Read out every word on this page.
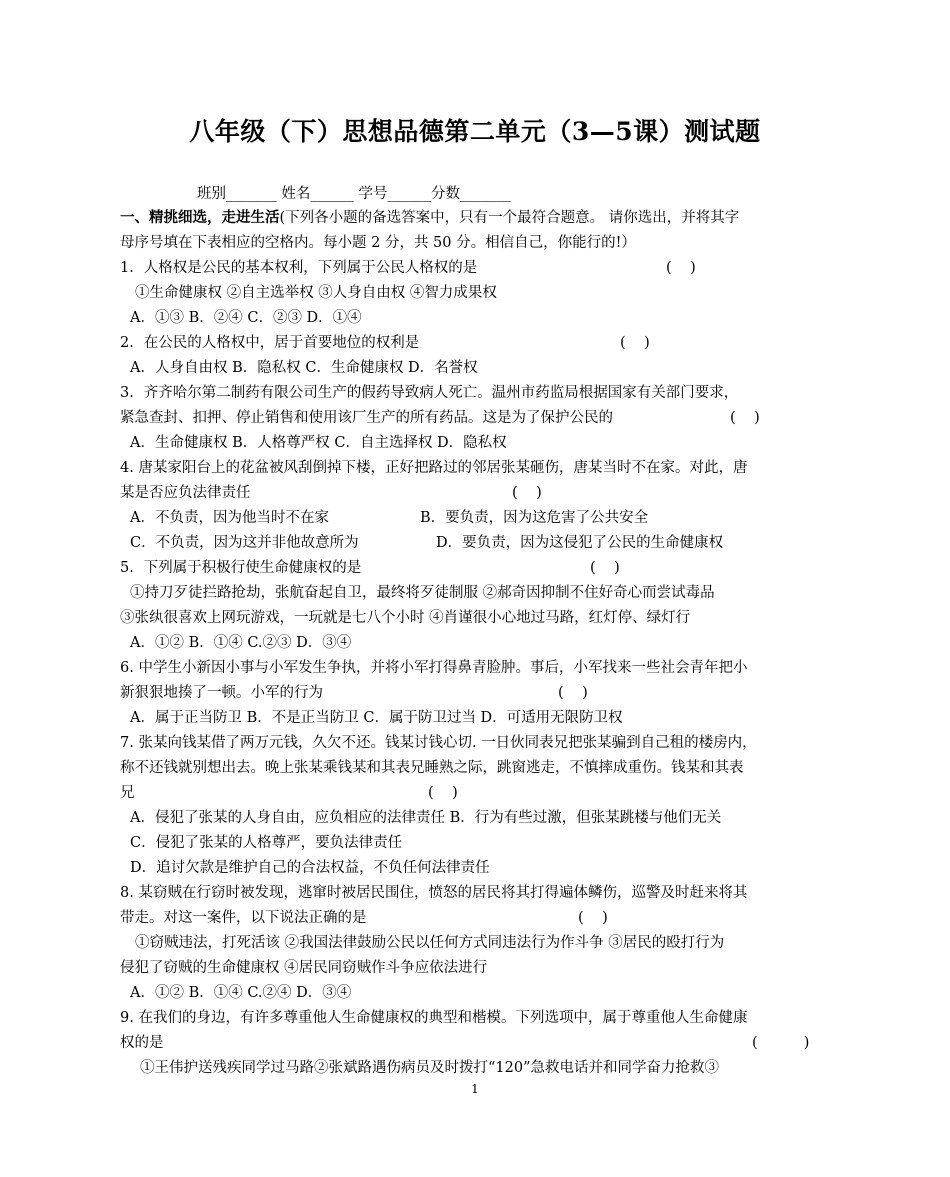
八年级（下）思想品德第二单元（3—5课）测试题
班别_______ 姓名______ 学号______分数_______
一、精挑细选，走进生活(下列各小题的备选答案中，只有一个最符合题意。 请你选出，并将其字
母序号填在下表相应的空格内。每小题 2 分，共 50 分。相信自己，你能行的!）
1．人格权是公民的基本权利，下列属于公民人格权的是	(    )
①生命健康权 ②自主选举权 ③人身自由权 ④智力成果权
A．①③ B．②④ C．②③ D．①④
2．在公民的人格权中，居于首要地位的权利是	(    )
A．人身自由权 B．隐私权 C．生命健康权 D．名誉权
3．齐齐哈尔第二制药有限公司生产的假药导致病人死亡。温州市药监局根据国家有关部门要求，
紧急查封、扣押、停止销售和使用该厂生产的所有药品。这是为了保护公民的	(    )
A．生命健康权 B．人格尊严权 C．自主选择权 D．隐私权
4. 唐某家阳台上的花盆被风刮倒掉下楼，正好把路过的邻居张某砸伤，唐某当时不在家。对此，唐
某是否应负法律责任	(    )
A．不负责，因为他当时不在家	B．要负责，因为这危害了公共安全
C．不负责，因为这并非他故意所为	D．要负责，因为这侵犯了公民的生命健康权
5．下列属于积极行使生命健康权的是	(    )
①持刀歹徒拦路抢劫，张航奋起自卫，最终将歹徒制服 ②郝奇因抑制不住好奇心而尝试毒品
③张纨很喜欢上网玩游戏，一玩就是七八个小时 ④肖谨很小心地过马路，红灯停、绿灯行
A．①② B．①④ C.②③ D．③④
6. 中学生小新因小事与小军发生争执，并将小军打得鼻青脸肿。事后，小军找来一些社会青年把小
新狠狠地揍了一顿。小军的行为	(    )
A．属于正当防卫 B．不是正当防卫 C．属于防卫过当 D．可适用无限防卫权
7. 张某向钱某借了两万元钱，久欠不还。钱某讨钱心切. 一日伙同表兄把张某骗到自己租的楼房内，
称不还钱就别想出去。晚上张某乘钱某和其表兄睡熟之际，跳窗逃走，不慎摔成重伤。钱某和其表
兄	(    )
A．侵犯了张某的人身自由，应负相应的法律责任 B．行为有些过激，但张某跳楼与他们无关
C．侵犯了张某的人格尊严，要负法律责任
D．追讨欠款是维护自己的合法权益，不负任何法律责任
8. 某窃贼在行窃时被发现，逃窜时被居民围住，愤怒的居民将其打得遍体鳞伤，巡警及时赶来将其
带走。对这一案件，以下说法正确的是	(    )
①窃贼违法，打死活该 ②我国法律鼓励公民以任何方式同违法行为作斗争 ③居民的殴打行为
侵犯了窃贼的生命健康权 ④居民同窃贼作斗争应依法进行
A．①② B．①④ C.②④ D．③④
9. 在我们的身边，有许多尊重他人生命健康权的典型和楷模。下列选项中，属于尊重他人生命健康
权的是	(          )
①王伟护送残疾同学过马路②张斌路遇伤病员及时拨打“120”急救电话并和同学奋力抢救③
1
